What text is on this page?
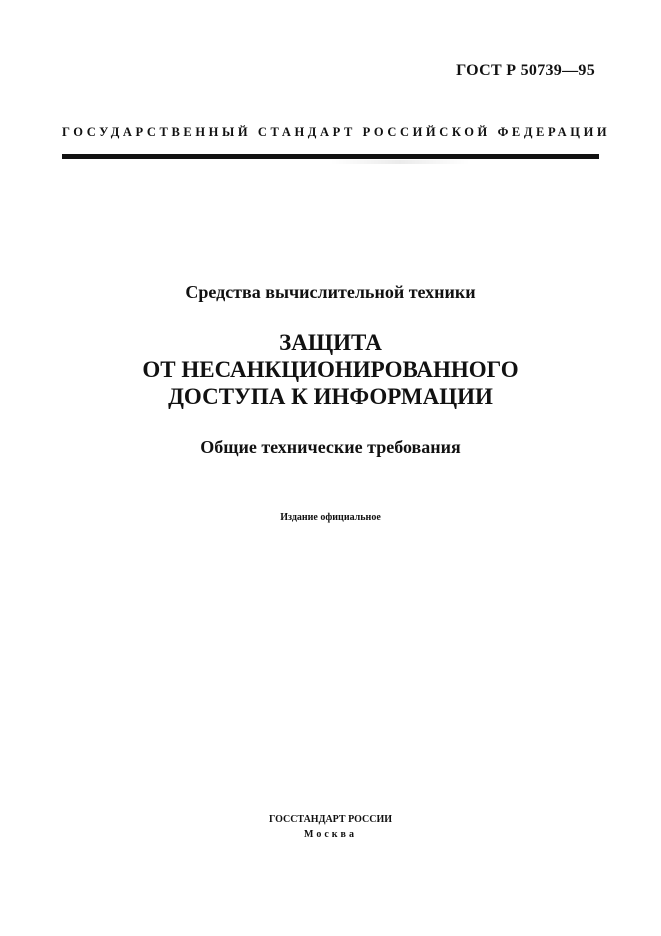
ГОСТ Р 50739—95
ГОСУДАРСТВЕННЫЙ СТАНДАРТ РОССИЙСКОЙ ФЕДЕРАЦИИ
Средства вычислительной техники
ЗАЩИТА
ОТ НЕСАНКЦИОНИРОВАННОГО
ДОСТУПА К ИНФОРМАЦИИ
Общие технические требования
Издание официальное
ГОССТАНДАРТ РОССИИ
Москва
